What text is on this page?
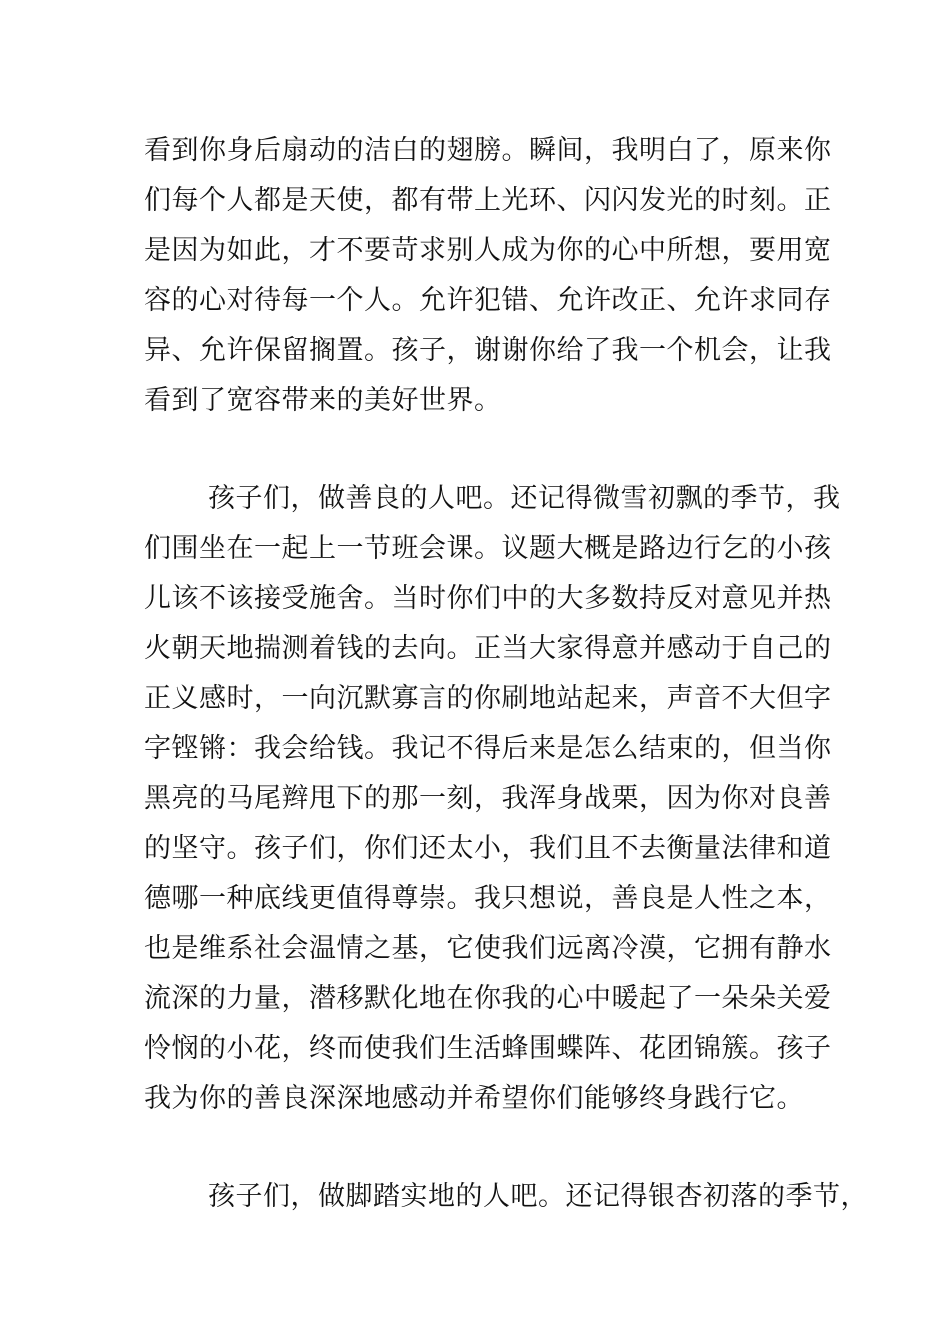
看到你身后扇动的洁白的翅膀。瞬间，我明白了，原来你
们每个人都是天使，都有带上光环、闪闪发光的时刻。正
是因为如此，才不要苛求别人成为你的心中所想，要用宽
容的心对待每一个人。允许犯错、允许改正、允许求同存
异、允许保留搁置。孩子，谢谢你给了我一个机会，让我
看到了宽容带来的美好世界。
孩子们，做善良的人吧。还记得微雪初飘的季节，我
们围坐在一起上一节班会课。议题大概是路边行乞的小孩
儿该不该接受施舍。当时你们中的大多数持反对意见并热
火朝天地揣测着钱的去向。正当大家得意并感动于自己的
正义感时，一向沉默寡言的你刷地站起来，声音不大但字
字铿锵：我会给钱。我记不得后来是怎么结束的，但当你
黑亮的马尾辫甩下的那一刻，我浑身战栗，因为你对良善
的坚守。孩子们，你们还太小，我们且不去衡量法律和道
德哪一种底线更值得尊崇。我只想说，善良是人性之本，
也是维系社会温情之基，它使我们远离冷漠，它拥有静水
流深的力量，潜移默化地在你我的心中暖起了一朵朵关爱
怜悯的小花，终而使我们生活蜂围蝶阵、花团锦簇。孩子
我为你的善良深深地感动并希望你们能够终身践行它。
孩子们，做脚踏实地的人吧。还记得银杏初落的季节，
